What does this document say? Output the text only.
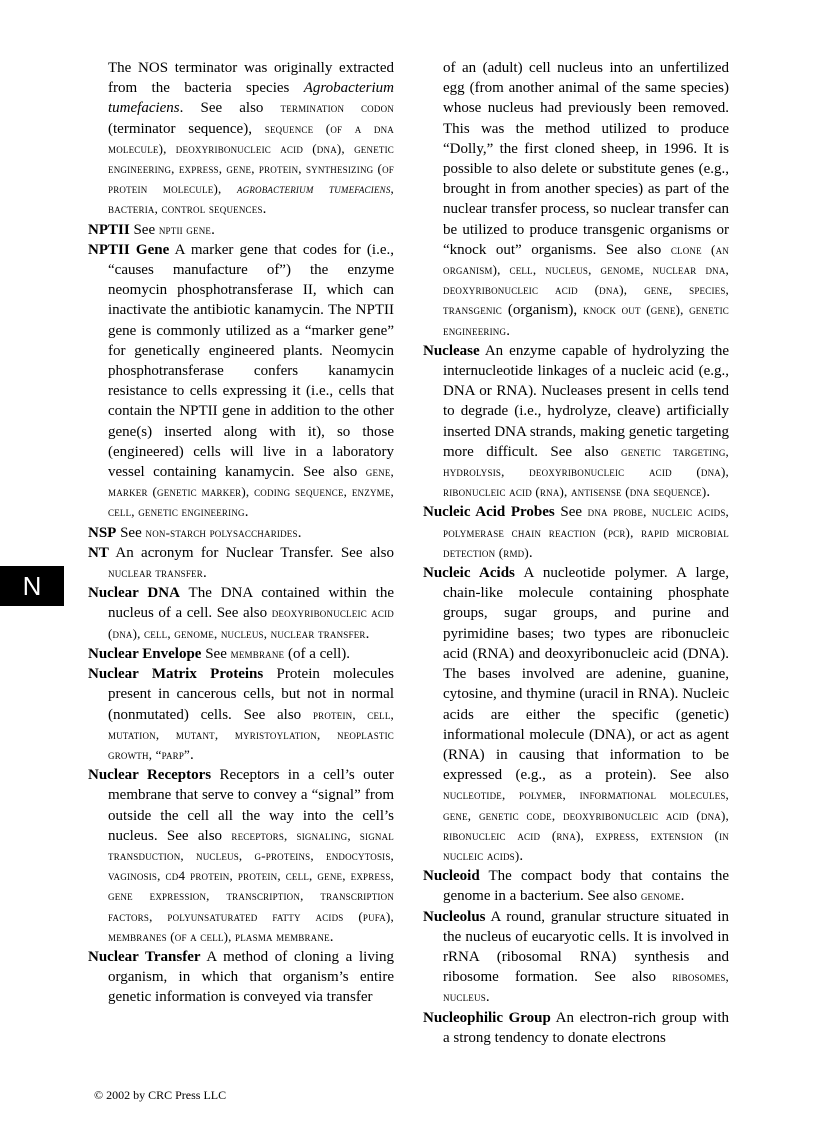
The NOS terminator was originally extracted from the bacteria species Agrobacterium tumefaciens. See also termination codon (terminator sequence), sequence (of a dna molecule), deoxyribonucleic acid (dna), genetic engineering, express, gene, protein, synthesizing (of protein molecule), agrobacterium tumefaciens, bacteria, control sequences.

NPTII See nptii gene.

NPTII Gene A marker gene that codes for (i.e., “causes manufacture of”) the enzyme neomycin phosphotransferase II, which can inactivate the antibiotic kanamycin. The NPTII gene is commonly utilized as a “marker gene” for genetically engineered plants. Neomycin phosphotransferase confers kanamycin resistance to cells expressing it (i.e., cells that contain the NPTII gene in addition to the other gene(s) inserted along with it), so those (engineered) cells will live in a laboratory vessel containing kanamycin. See also gene, marker (genetic marker), coding sequence, enzyme, cell, genetic engineering.

NSP See non-starch polysaccharides.

NT An acronym for Nuclear Transfer. See also nuclear transfer.

Nuclear DNA The DNA contained within the nucleus of a cell. See also deoxyribonucleic acid (dna), cell, genome, nucleus, nuclear transfer.

Nuclear Envelope See membrane (of a cell).

Nuclear Matrix Proteins Protein molecules present in cancerous cells, but not in normal (nonmutated) cells. See also protein, cell, mutation, mutant, myristoylation, neoplastic growth, “parp”.

Nuclear Receptors Receptors in a cell’s outer membrane that serve to convey a “signal” from outside the cell all the way into the cell’s nucleus. See also receptors, signaling, signal transduction, nucleus, g-proteins, endocytosis, vaginosis, cd4 protein, protein, cell, gene, express, gene expression, transcription, transcription factors, polyunsaturated fatty acids (pufa), membranes (of a cell), plasma membrane.

Nuclear Transfer A method of cloning a living organism, in which that organism’s entire genetic information is conveyed via transfer

of an (adult) cell nucleus into an unfertilized egg (from another animal of the same species) whose nucleus had previously been removed. This was the method utilized to produce “Dolly,” the first cloned sheep, in 1996. It is possible to also delete or substitute genes (e.g., brought in from another species) as part of the nuclear transfer process, so nuclear transfer can be utilized to produce transgenic organisms or “knock out” organisms. See also clone (an organism), cell, nucleus, genome, nuclear dna, deoxyribonucleic acid (dna), gene, species, transgenic (organism), knock out (gene), genetic engineering.

Nuclease An enzyme capable of hydrolyzing the internucleotide linkages of a nucleic acid (e.g., DNA or RNA). Nucleases present in cells tend to degrade (i.e., hydrolyze, cleave) artificially inserted DNA strands, making genetic targeting more difficult. See also genetic targeting, hydrolysis, deoxyribonucleic acid (dna), ribonucleic acid (rna), antisense (dna sequence).

Nucleic Acid Probes See dna probe, nucleic acids, polymerase chain reaction (pcr), rapid microbial detection (rmd).

Nucleic Acids A nucleotide polymer. A large, chain-like molecule containing phosphate groups, sugar groups, and purine and pyrimidine bases; two types are ribonucleic acid (RNA) and deoxyribonucleic acid (DNA). The bases involved are adenine, guanine, cytosine, and thymine (uracil in RNA). Nucleic acids are either the specific (genetic) informational molecule (DNA), or act as agent (RNA) in causing that information to be expressed (e.g., as a protein). See also nucleotide, polymer, informational molecules, gene, genetic code, deoxyribonucleic acid (dna), ribonucleic acid (rna), express, extension (in nucleic acids).

Nucleoid The compact body that contains the genome in a bacterium. See also genome.

Nucleolus A round, granular structure situated in the nucleus of eucaryotic cells. It is involved in rRNA (ribosomal RNA) synthesis and ribosome formation. See also ribosomes, nucleus.

Nucleophilic Group An electron-rich group with a strong tendency to donate electrons

N
© 2002 by CRC Press LLC
